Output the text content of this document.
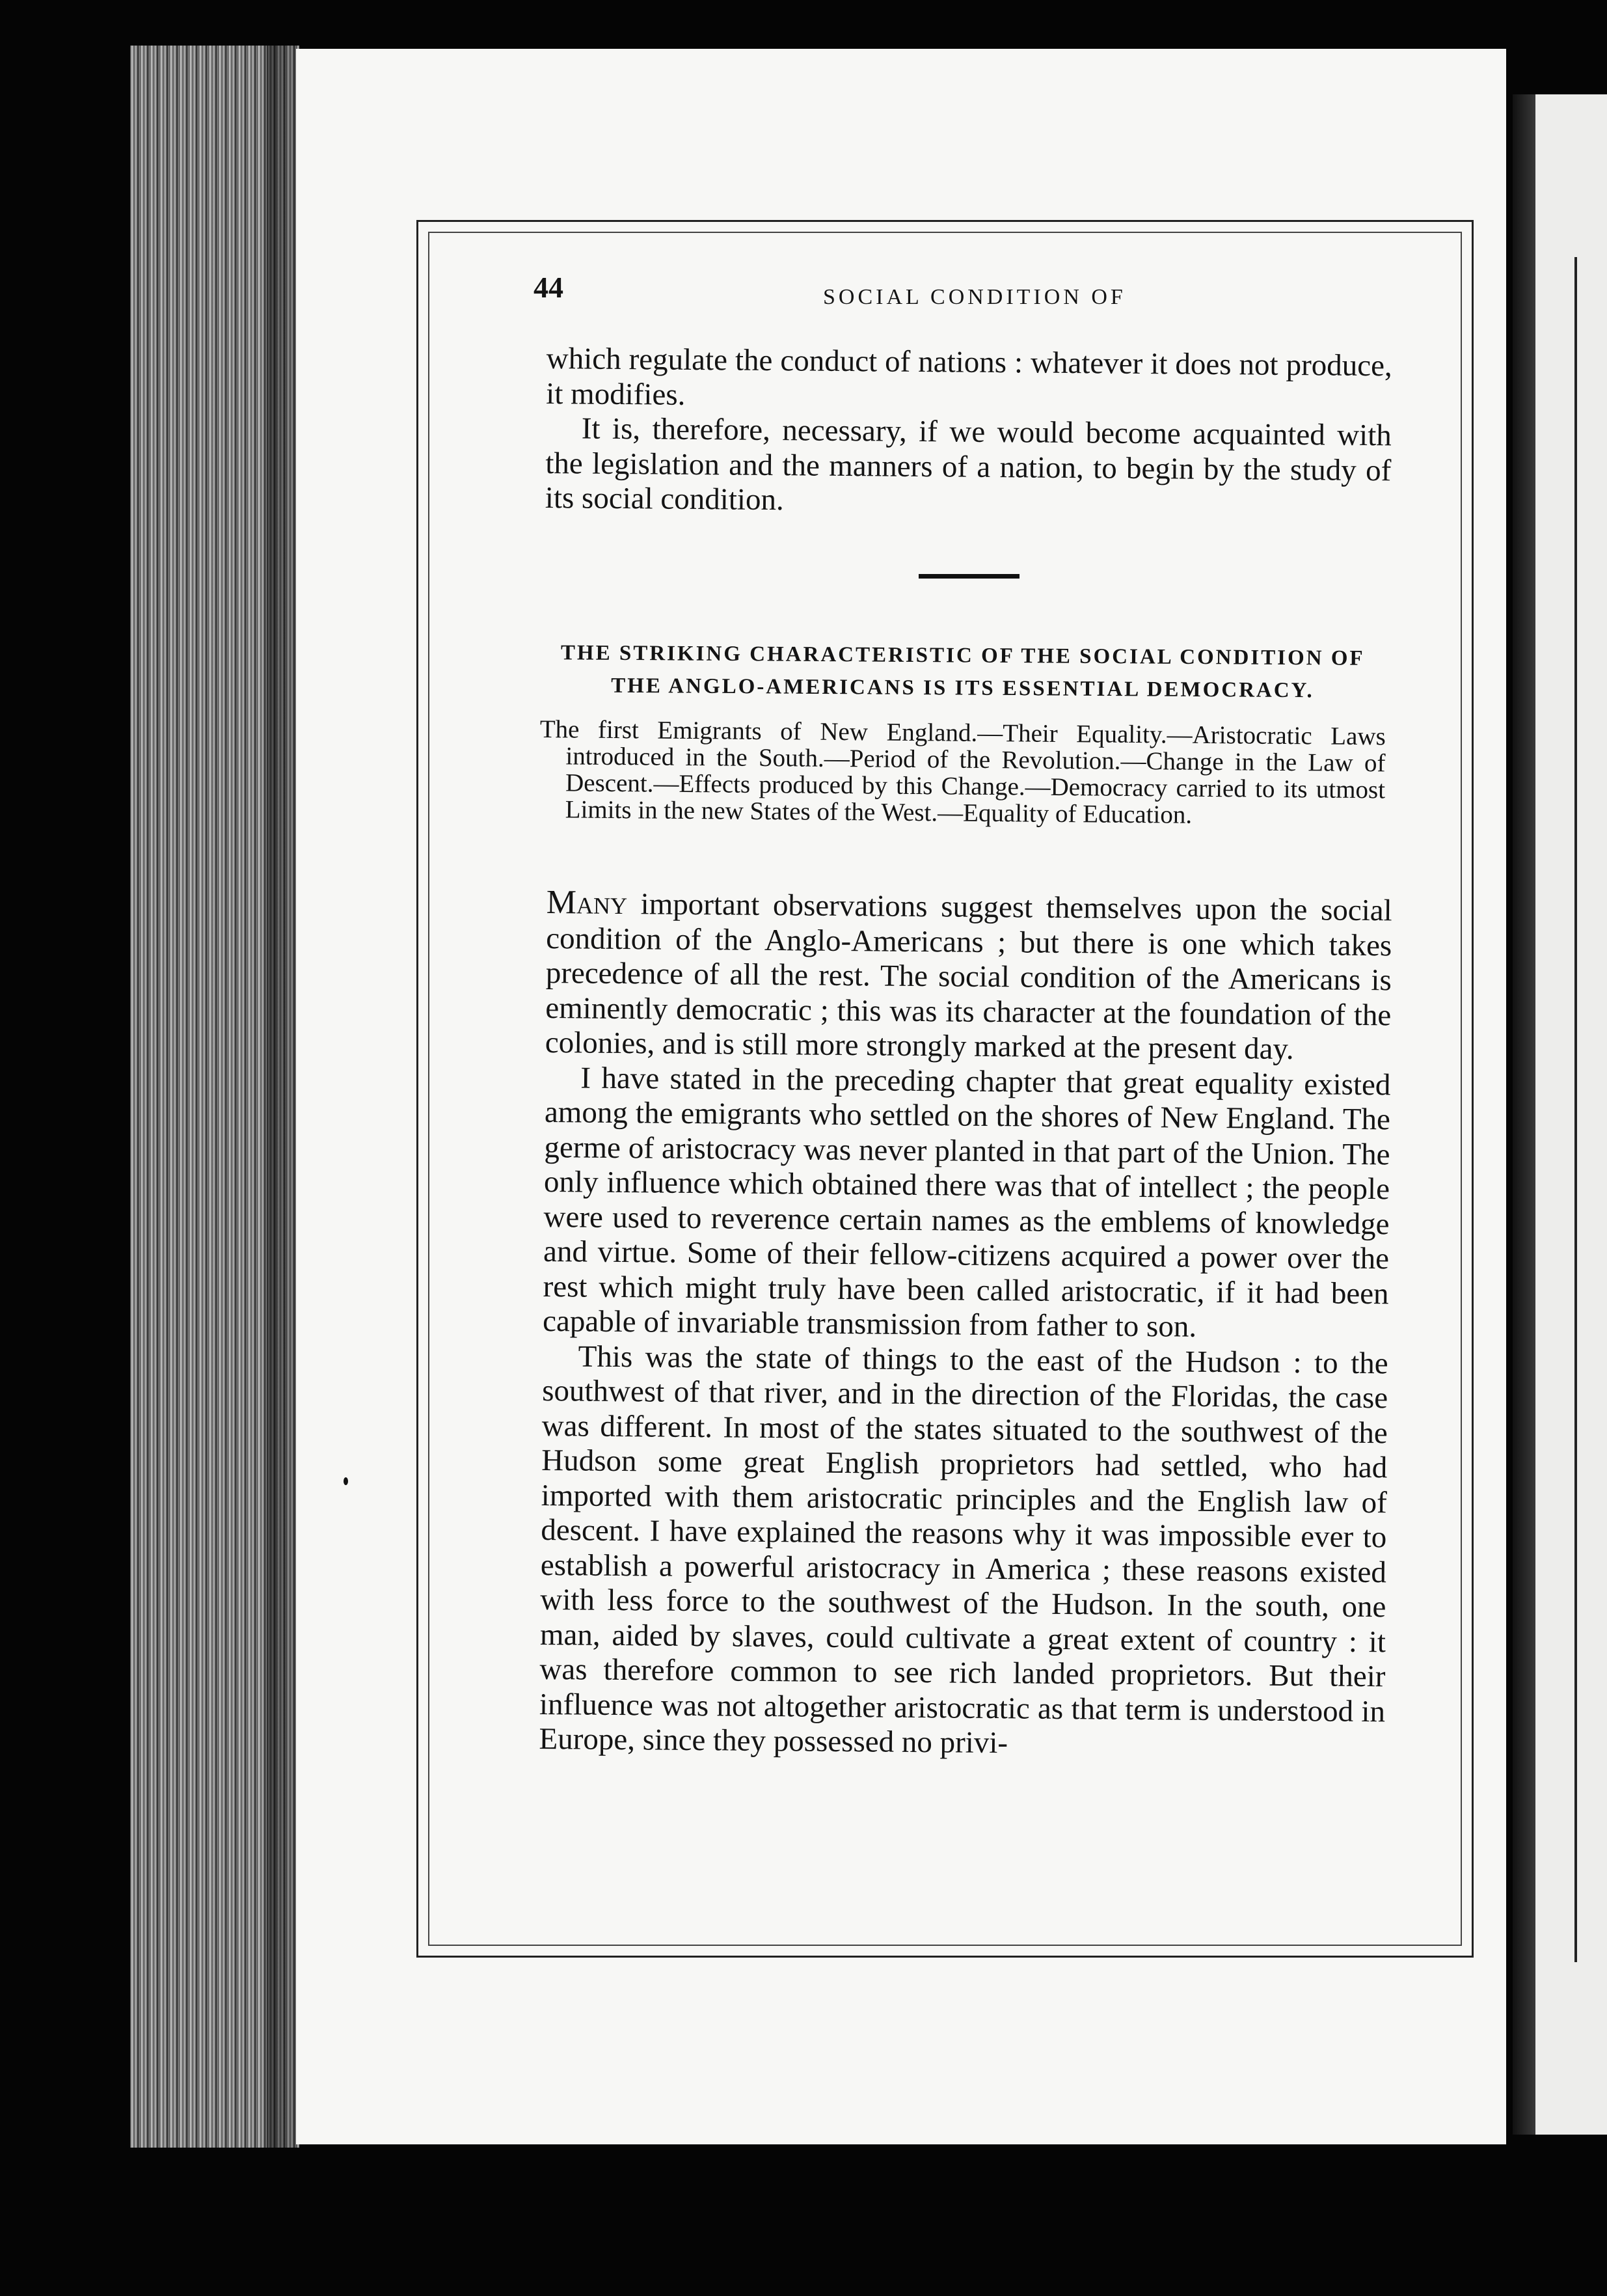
44	SOCIAL CONDITION OF

which regulate the conduct of nations : whatever it does not produce, it modifies.

It is, therefore, necessary, if we would become acquainted with the legislation and the manners of a nation, to begin by the study of its social condition.

THE STRIKING CHARACTERISTIC OF THE SOCIAL CONDITION OF THE ANGLO-AMERICANS IS ITS ESSENTIAL DEMOCRACY.

The first Emigrants of New England.—Their Equality.—Aristocratic Laws introduced in the South.—Period of the Revolution.—Change in the Law of Descent.—Effects produced by this Change.—Democracy carried to its utmost Limits in the new States of the West.—Equality of Education.

Many important observations suggest themselves upon the social condition of the Anglo-Americans ; but there is one which takes precedence of all the rest. The social condition of the Americans is eminently democratic ; this was its character at the foundation of the colonies, and is still more strongly marked at the present day.

I have stated in the preceding chapter that great equality existed among the emigrants who settled on the shores of New England. The germe of aristocracy was never planted in that part of the Union. The only influence which obtained there was that of intellect ; the people were used to reverence certain names as the emblems of knowledge and virtue. Some of their fellow-citizens acquired a power over the rest which might truly have been called aristocratic, if it had been capable of invariable transmission from father to son.

This was the state of things to the east of the Hudson : to the southwest of that river, and in the direction of the Floridas, the case was different. In most of the states situated to the southwest of the Hudson some great English proprietors had settled, who had imported with them aristocratic principles and the English law of descent. I have explained the reasons why it was impossible ever to establish a powerful aristocracy in America ; these reasons existed with less force to the southwest of the Hudson. In the south, one man, aided by slaves, could cultivate a great extent of country : it was therefore common to see rich landed proprietors. But their influence was not altogether aristocratic as that term is understood in Europe, since they possessed no privi-
